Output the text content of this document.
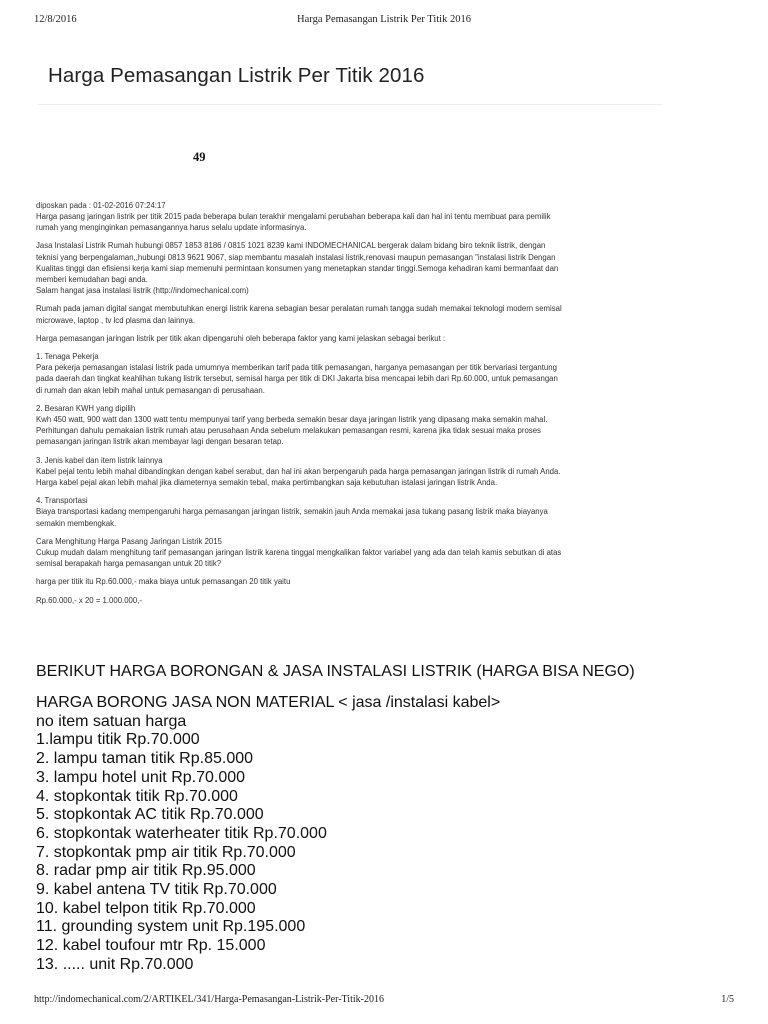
12/8/2016	Harga Pemasangan Listrik Per Titik 2016
Harga Pemasangan Listrik Per Titik 2016
49
diposkan pada : 01-02-2016 07:24:17

Harga pasang jaringan listrik per titik 2015 pada beberapa bulan terakhir mengalami perubahan beberapa kali dan hal ini tentu membuat para pemilik
rumah yang menginginkan pemasangannya harus selalu update informasinya.

Jasa Instalasi Listrik Rumah hubungi 0857 1853 8186 / 0815 1021 8239 kami INDOMECHANICAL bergerak dalam bidang biro teknik listrik, dengan
teknisi yang berpengalaman,,hubungi 0813 9621 9067, siap membantu masalah instalasi listrik,renovasi maupun pemasangan "instalasi listrik Dengan
Kualitas tinggi dan efisiensi kerja kami siap memenuhi permintaan konsumen yang menetapkan standar tinggi.Semoga kehadiran kami bermanfaat dan
memberi kemudahan bagi anda.
Salam hangat jasa instalasi listrik (http://indomechanical.com)

Rumah pada jaman digital sangat membutuhkan energi listrik karena sebagian besar peralatan rumah tangga sudah memakai teknologi modern semisal
microwave, laptop , tv lcd plasma dan lainnya.

Harga pemasangan jaringan listrik per titik akan dipengaruhi oleh beberapa faktor yang kami jelaskan sebagai berikut :

1. Tenaga Pekerja
Para pekerja pemasangan istalasi listrik pada umumnya memberikan tarif pada titik pemasangan, harganya pemasangan per titik bervariasi tergantung
pada daerah dan tingkat keahlihan tukang listrik tersebut, semisal harga per titik di DKI Jakarta bisa mencapai lebih dari Rp.60.000, untuk pemasangan
di rumah dan akan lebih mahal untuk pemasangan di perusahaan.

2. Besaran KWH yang dipilih
Kwh 450 watt, 900 watt dan 1300 watt tentu mempunyai tarif yang berbeda semakin besar daya jaringan listrik yang dipasang maka semakin mahal.
Perhitungan dahulu pemakaian listrik rumah atau perusahaan Anda sebelum melakukan pemasangan resmi, karena jika tidak sesuai maka proses
pemasangan jaringan listrik akan membayar lagi dengan besaran tetap.

3. Jenis kabel dan item listrik lainnya
Kabel pejal tentu lebih mahal dibandingkan dengan kabel serabut, dan hal ini akan berpengaruh pada harga pemasangan jaringan listrik di rumah Anda.
Harga kabel pejal akan lebih mahal jika diameternya semakin tebal, maka pertimbangkan saja kebutuhan istalasi jaringan listrik Anda.

4. Transportasi
Biaya transportasi kadang mempengaruhi harga pemasangan jaringan listrik, semakin jauh Anda memakai jasa tukang pasang listrik maka biayanya
semakin membengkak.

Cara Menghitung Harga Pasang Jaringan Listrik 2015
Cukup mudah dalam menghitung tarif pemasangan jaringan listrik karena tinggal mengkalikan faktor variabel yang ada dan telah kamis sebutkan di atas
semisal berapakah harga pemasangan untuk 20 titik?

harga per titik itu Rp.60.000,- maka biaya untuk pemasangan 20 titik yaitu

Rp.60.000,- x 20 = 1.000.000,-

BERIKUT HARGA BORONGAN & JASA INSTALASI LISTRIK (HARGA BISA NEGO)
HARGA BORONG JASA NON MATERIAL < jasa /instalasi kabel>
no item satuan harga
1.lampu titik Rp.70.000
2. lampu taman titik Rp.85.000
3. lampu hotel unit Rp.70.000
4. stopkontak titik Rp.70.000
5. stopkontak AC titik Rp.70.000
6. stopkontak waterheater titik Rp.70.000
7. stopkontak pmp air titik Rp.70.000
8. radar pmp air titik Rp.95.000
9. kabel antena TV titik Rp.70.000
10. kabel telpon titik Rp.70.000
11. grounding system unit Rp.195.000
12. kabel toufour mtr Rp. 15.000
13. ..... unit Rp.70.000
http://indomechanical.com/2/ARTIKEL/341/Harga-Pemasangan-Listrik-Per-Titik-2016	1/5
